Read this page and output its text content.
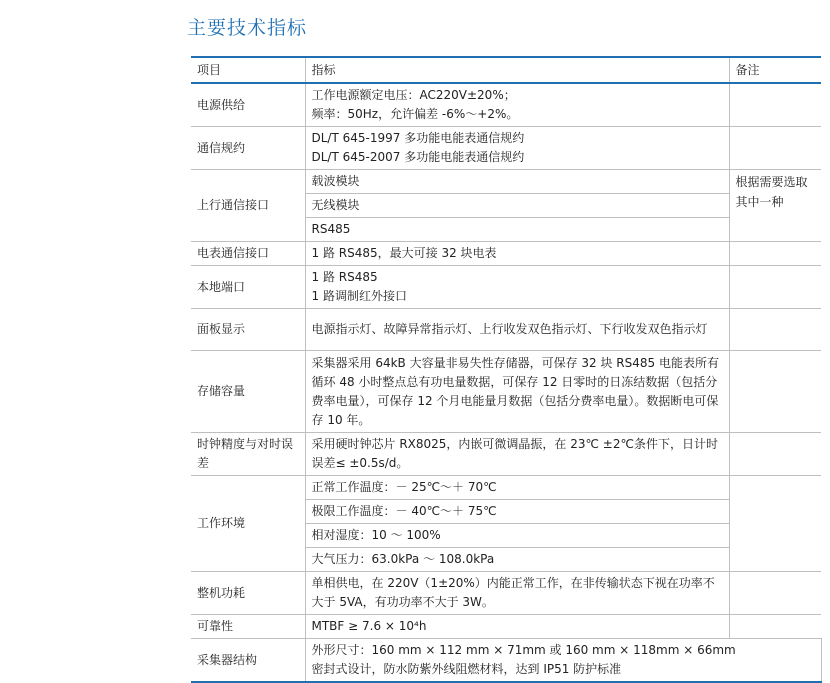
主要技术指标
项目	指标	备注
电源供给	工作电源额定电压：AC220V±20%；
频率：50Hz，允许偏差 -6%～+2%。	

通信规约	DL/T 645-1997 多功能电能表通信规约
DL/T 645-2007 多功能电能表通信规约	

上行通信接口	载波模块	根据需要选取其中一种
	无线模块	
	RS485	
电表通信接口	1 路 RS485，最大可接 32 块电表	
本地端口	1 路 RS485
1 路调制红外接口	

面板显示	电源指示灯、故障异常指示灯、上行收发双色指示灯、下行收发双色指示灯	
存储容量	采集器采用 64kB 大容量非易失性存储器，可保存 32 块 RS485 电能表所有循环 48 小时整点总有功电量数据，可保存 12 日零时的日冻结数据（包括分费率电量），可保存 12 个月电能量月数据（包括分费率电量）。数据断电可保存 10 年。	
时钟精度与对时误差	采用硬时钟芯片 RX8025，内嵌可微调晶振，在 23℃ ±2℃条件下，日计时误差≤ ±0.5s/d。	
工作环境	正常工作温度：－ 25℃～＋ 70℃	
	极限工作温度：－ 40℃～＋ 75℃	
	相对湿度：10 ～ 100%	
	大气压力：63.0kPa ～ 108.0kPa	
整机功耗	单相供电，在 220V（1±20%）内能正常工作，在非传输状态下视在功率不大于 5VA，有功功率不大于 3W。	
可靠性	MTBF ≥ 7.6 × 10⁴h	
采集器结构	外形尺寸：160 mm × 112 mm × 71mm 或 160 mm × 118mm × 66mm
密封式设计，防水防紫外线阻燃材料，达到 IP51 防护标准	
